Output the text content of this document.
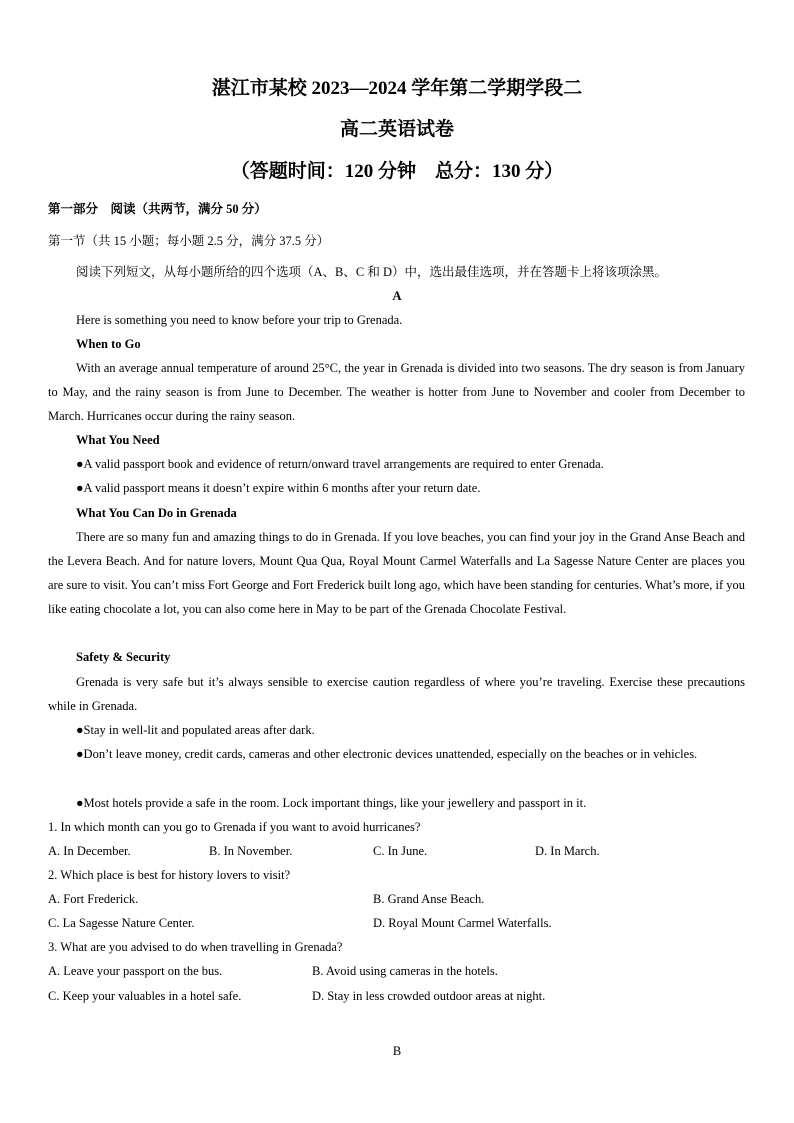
湛江市某校 2023—2024 学年第二学期学段二
高二英语试卷
（答题时间：120 分钟　总分：130 分）
第一部分　阅读（共两节，满分 50 分）
第一节（共 15 小题；每小题 2.5 分，满分 37.5 分）
阅读下列短文，从每小题所给的四个选项（A、B、C 和 D）中，选出最佳选项，并在答题卡上将该项涂黑。
A
Here is something you need to know before your trip to Grenada.
When to Go
With an average annual temperature of around 25°C, the year in Grenada is divided into two seasons. The dry season is from January to May, and the rainy season is from June to December. The weather is hotter from June to November and cooler from December to March. Hurricanes occur during the rainy season.
What You Need
●A valid passport book and evidence of return/onward travel arrangements are required to enter Grenada.
●A valid passport means it doesn’t expire within 6 months after your return date.
What You Can Do in Grenada
There are so many fun and amazing things to do in Grenada. If you love beaches, you can find your joy in the Grand Anse Beach and the Levera Beach. And for nature lovers, Mount Qua Qua, Royal Mount Carmel Waterfalls and La Sagesse Nature Center are places you are sure to visit. You can’t miss Fort George and Fort Frederick built long ago, which have been standing for centuries. What’s more, if you like eating chocolate a lot, you can also come here in May to be part of the Grenada Chocolate Festival.
Safety & Security
Grenada is very safe but it’s always sensible to exercise caution regardless of where you’re traveling. Exercise these precautions while in Grenada.
●Stay in well-lit and populated areas after dark.
●Don’t leave money, credit cards, cameras and other electronic devices unattended, especially on the beaches or in vehicles.
●Most hotels provide a safe in the room. Lock important things, like your jewellery and passport in it.
1. In which month can you go to Grenada if you want to avoid hurricanes?
A. In December.	B. In November.	C. In June.	D. In March.
2. Which place is best for history lovers to visit?
A. Fort Frederick.	B. Grand Anse Beach.
C. La Sagesse Nature Center.	D. Royal Mount Carmel Waterfalls.
3. What are you advised to do when travelling in Grenada?
A. Leave your passport on the bus.	B. Avoid using cameras in the hotels.
C. Keep your valuables in a hotel safe.	D. Stay in less crowded outdoor areas at night.
B
